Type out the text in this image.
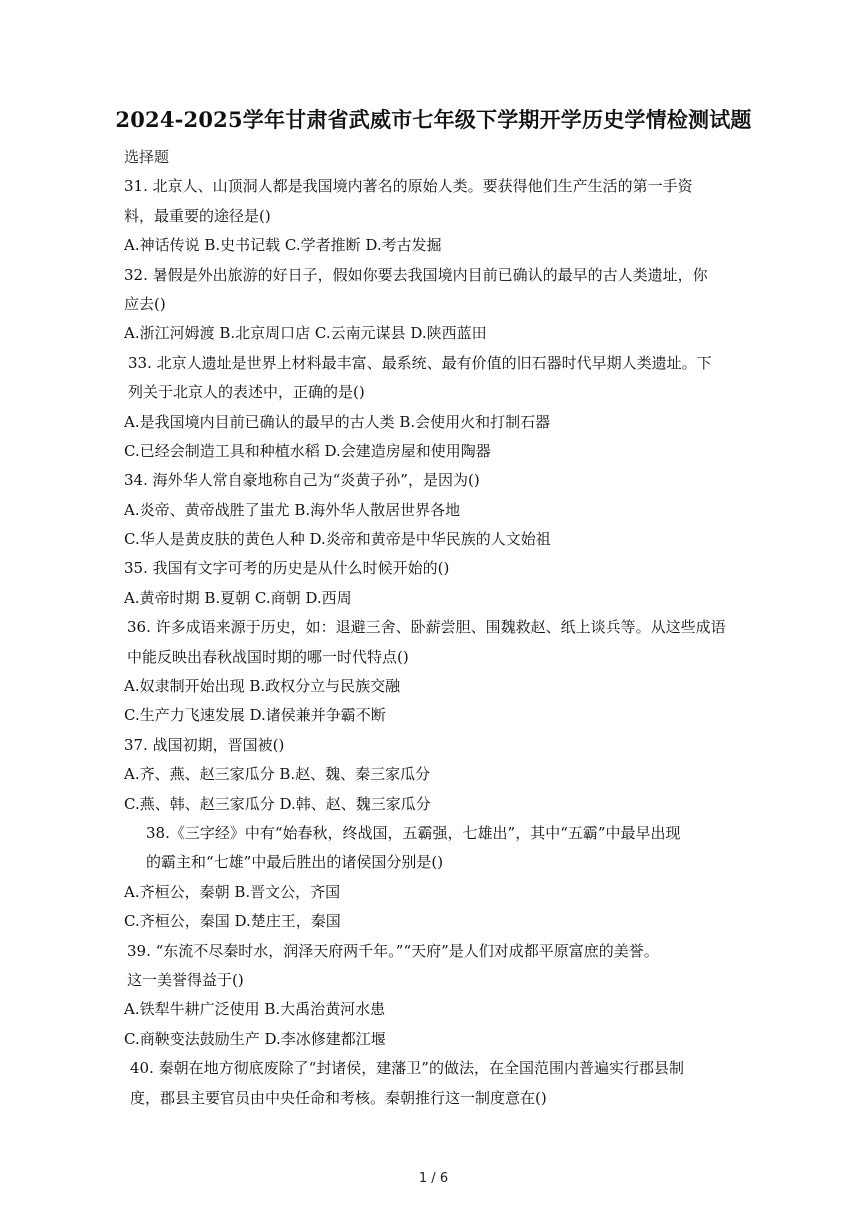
2024-2025学年甘肃省武威市七年级下学期开学历史学情检测试题
选择题
31. 北京人、山顶洞人都是我国境内著名的原始人类。要获得他们生产生活的第一手资
料，最重要的途径是()
A.神话传说 B.史书记载 C.学者推断 D.考古发掘
32. 暑假是外出旅游的好日子，假如你要去我国境内目前已确认的最早的古人类遗址，你
应去()
A.浙江河姆渡 B.北京周口店 C.云南元谋县 D.陕西蓝田
33. 北京人遗址是世界上材料最丰富、最系统、最有价值的旧石器时代早期人类遗址。下
列关于北京人的表述中，正确的是()
A.是我国境内目前已确认的最早的古人类 B.会使用火和打制石器
C.已经会制造工具和种植水稻 D.会建造房屋和使用陶器
34. 海外华人常自豪地称自己为“炎黄子孙”，是因为()
A.炎帝、黄帝战胜了蚩尤 B.海外华人散居世界各地
C.华人是黄皮肤的黄色人种 D.炎帝和黄帝是中华民族的人文始祖
35. 我国有文字可考的历史是从什么时候开始的()
A.黄帝时期 B.夏朝 C.商朝 D.西周
36. 许多成语来源于历史，如：退避三舍、卧薪尝胆、围魏救赵、纸上谈兵等。从这些成语
中能反映出春秋战国时期的哪一时代特点()
A.奴隶制开始出现 B.政权分立与民族交融
C.生产力飞速发展 D.诸侯兼并争霸不断
37. 战国初期，晋国被()
A.齐、燕、赵三家瓜分 B.赵、魏、秦三家瓜分
C.燕、韩、赵三家瓜分 D.韩、赵、魏三家瓜分
38.《三字经》中有“始春秋，终战国，五霸强，七雄出”，其中“五霸”中最早出现
的霸主和“七雄”中最后胜出的诸侯国分别是()
A.齐桓公，秦朝 B.晋文公，齐国
C.齐桓公，秦国 D.楚庄王，秦国
39. “东流不尽秦时水，润泽天府两千年。”“天府”是人们对成都平原富庶的美誉。
这一美誉得益于()
A.铁犁牛耕广泛使用 B.大禹治黄河水患
C.商鞅变法鼓励生产 D.李冰修建都江堰
40. 秦朝在地方彻底废除了“封诸侯，建藩卫”的做法，在全国范围内普遍实行郡县制
度，郡县主要官员由中央任命和考核。秦朝推行这一制度意在()
1 / 6
